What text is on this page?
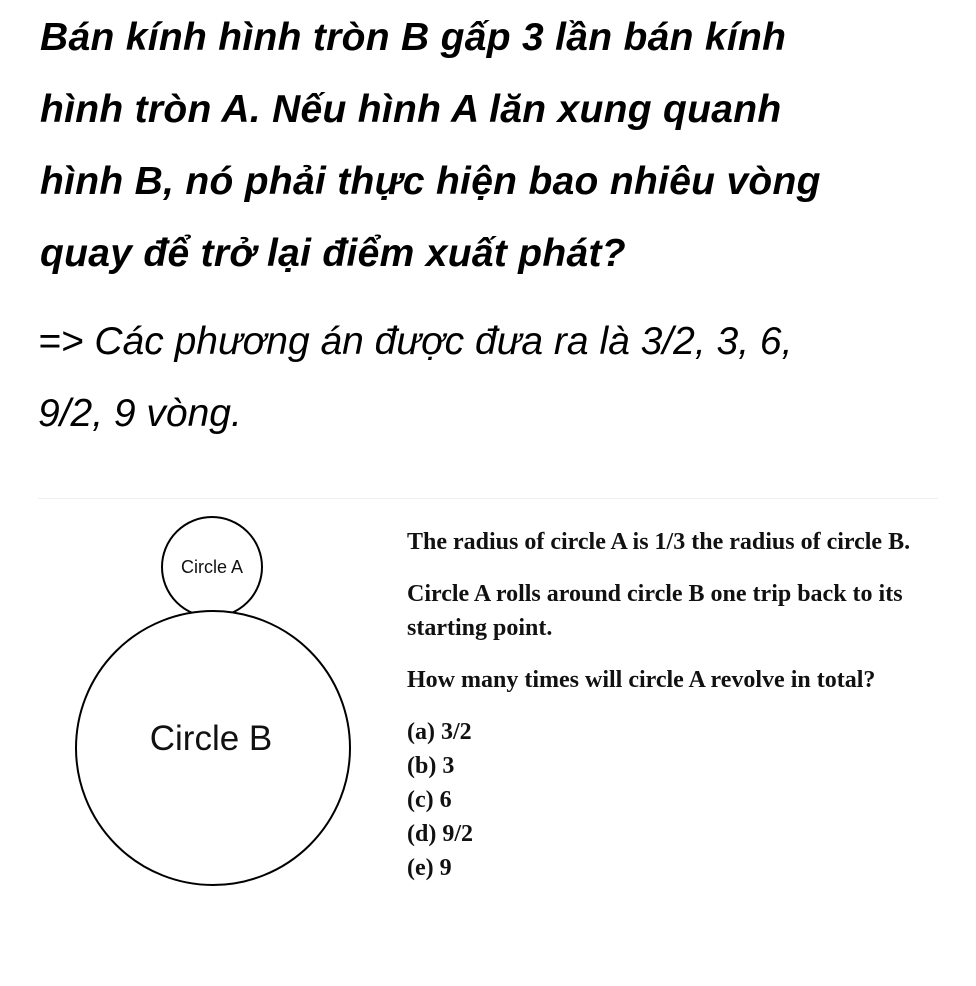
Bán kính hình tròn B gấp 3 lần bán kính
hình tròn A. Nếu hình A lăn xung quanh
hình B, nó phải thực hiện bao nhiêu vòng
quay để trở lại điểm xuất phát?
=> Các phương án được đưa ra là 3/2, 3, 6,
9/2, 9 vòng.
Circle A
Circle B

The radius of circle A is 1/3 the radius of circle B.

Circle A rolls around circle B one trip back to its starting point.

How many times will circle A revolve in total?

(a) 3/2
(b) 3
(c) 6
(d) 9/2
(e) 9
